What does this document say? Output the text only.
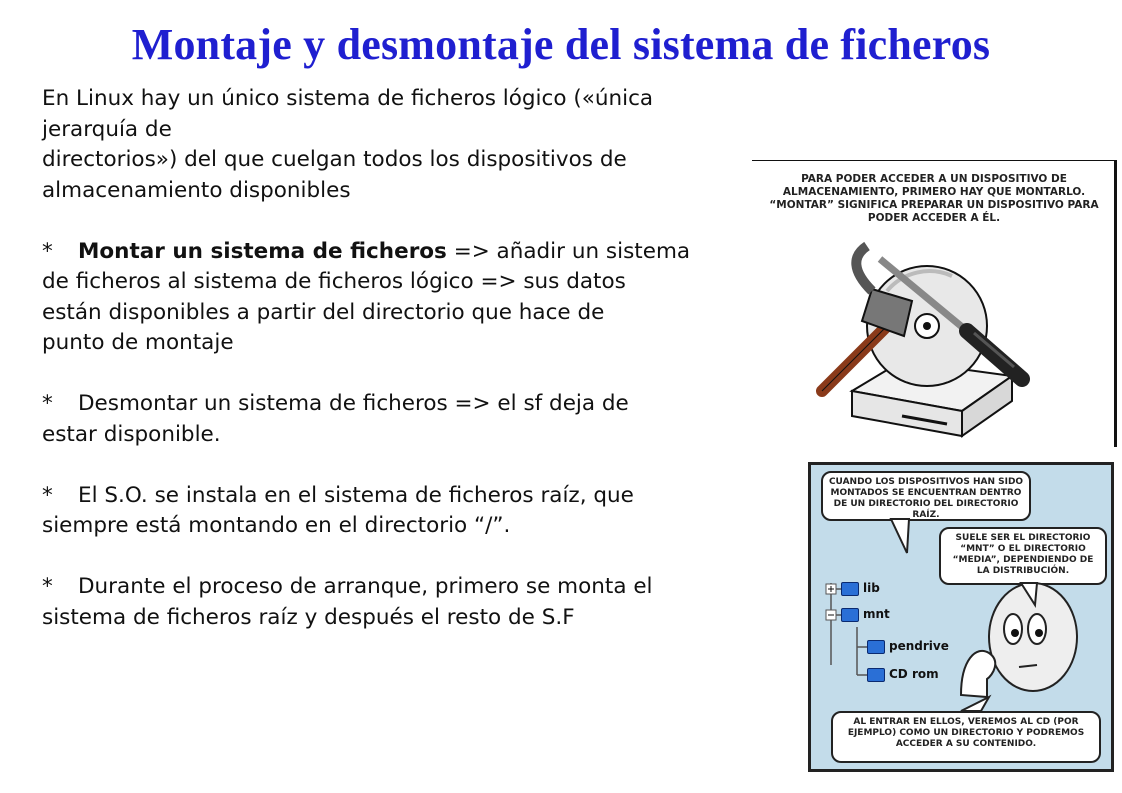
Montaje y desmontaje del sistema de ficheros

En Linux hay un único sistema de ficheros lógico («única

jerarquía de

directorios») del que cuelgan todos los dispositivos de

almacenamiento disponibles

* Montar un sistema de ficheros => añadir un sistema

de ficheros al sistema de ficheros lógico => sus datos

están disponibles a partir del directorio que hace de

punto de montaje

* Desmontar un sistema de ficheros => el sf deja de

estar disponible.

* El S.O. se instala en el sistema de ficheros raíz, que

siempre está montando en el directorio “/”.

* Durante el proceso de arranque, primero se monta el

sistema de ficheros raíz y después el resto de S.F

PARA PODER ACCEDER A UN DISPOSITIVO DE ALMACENAMIENTO, PRIMERO HAY QUE MONTARLO. “MONTAR” SIGNIFICA PREPARAR UN DISPOSITIVO PARA PODER ACCEDER A ÉL.
CUANDO LOS DISPOSITIVOS HAN SIDO MONTADOS SE ENCUENTRAN DENTRO DE UN DIRECTORIO DEL DIRECTORIO RAÍZ.
SUELE SER EL DIRECTORIO “MNT” O EL DIRECTORIO “MEDIA”, DEPENDIENDO DE LA DISTRIBUCIÓN.
AL ENTRAR EN ELLOS, VEREMOS AL CD (POR EJEMPLO) COMO UN DIRECTORIO Y PODREMOS ACCEDER A SU CONTENIDO.
lib
mnt
pendrive
CD rom
